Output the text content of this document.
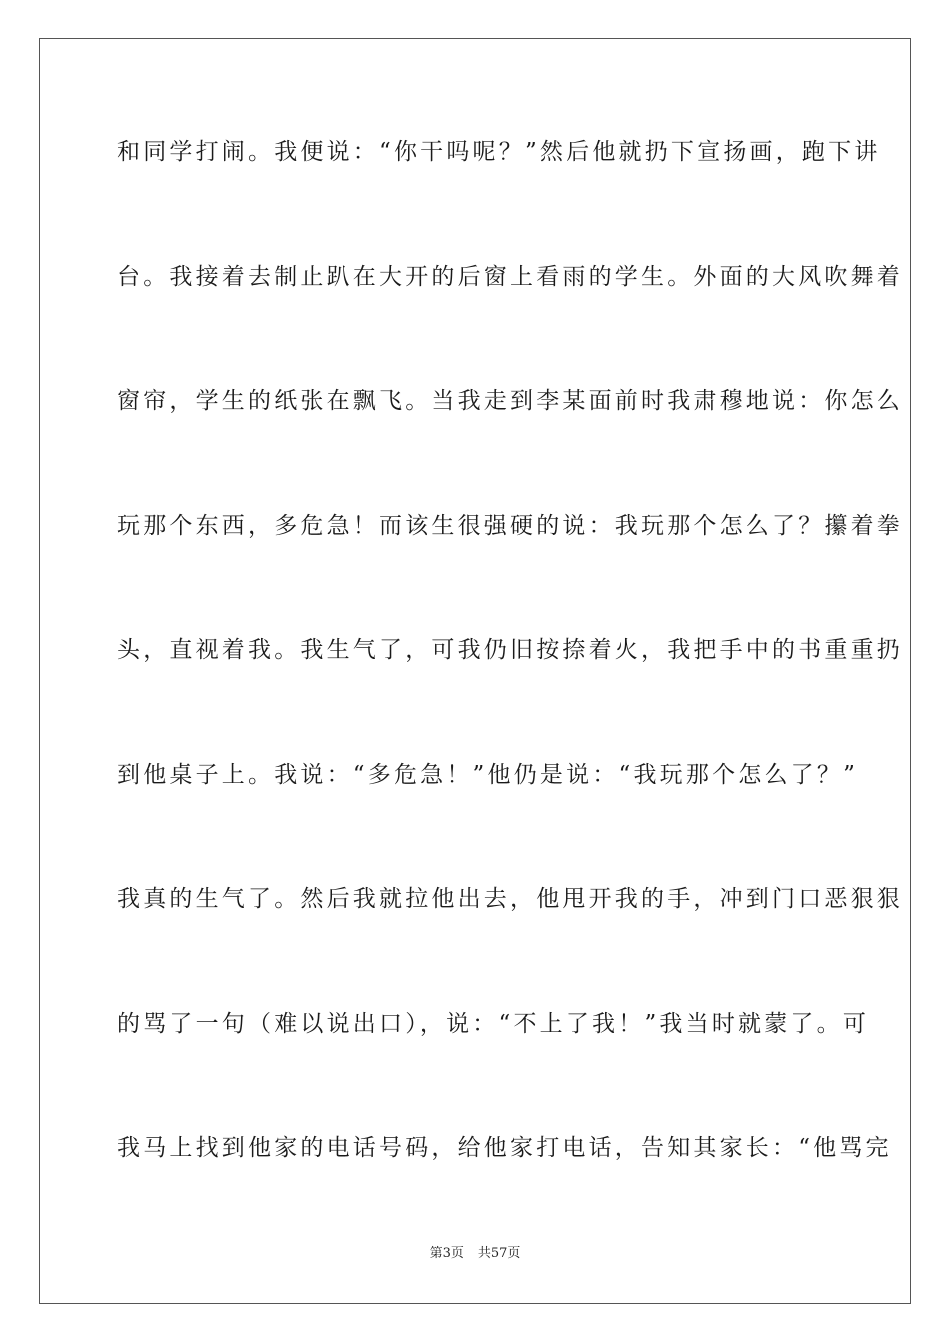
和同学打闹。我便说：“你干吗呢？”然后他就扔下宣扬画，跑下讲
台。我接着去制止趴在大开的后窗上看雨的学生。外面的大风吹舞着
窗帘，学生的纸张在飘飞。当我走到李某面前时我肃穆地说：你怎么
玩那个东西，多危急！而该生很强硬的说：我玩那个怎么了？攥着拳
头，直视着我。我生气了，可我仍旧按捺着火，我把手中的书重重扔
到他桌子上。我说：“多危急！”他仍是说：“我玩那个怎么了？”
我真的生气了。然后我就拉他出去，他甩开我的手，冲到门口恶狠狠
的骂了一句（难以说出口），说：“不上了我！”我当时就蒙了。可
我马上找到他家的电话号码，给他家打电话，告知其家长：“他骂完
第3页 共57页
